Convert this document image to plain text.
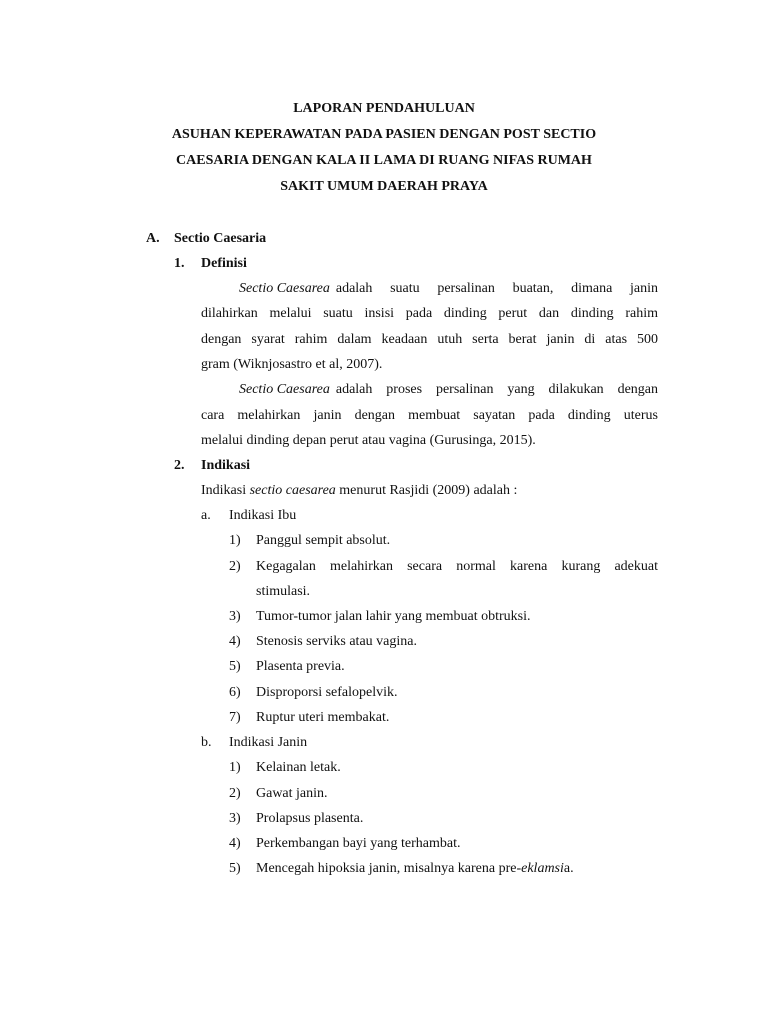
LAPORAN PENDAHULUAN
ASUHAN KEPERAWATAN PADA PASIEN DENGAN POST SECTIO
CAESARIA DENGAN KALA II LAMA DI RUANG NIFAS RUMAH
SAKIT UMUM DAERAH PRAYA
A. Sectio Caesaria
1. Definisi
Sectio Caesarea adalah suatu persalinan buatan, dimana janin
dilahirkan melalui suatu insisi pada dinding perut dan dinding rahim
dengan syarat rahim dalam keadaan utuh serta berat janin di atas 500
gram (Wiknjosastro et al, 2007).
Sectio Caesarea adalah proses persalinan yang dilakukan dengan
cara melahirkan janin dengan membuat sayatan pada dinding uterus
melalui dinding depan perut atau vagina (Gurusinga, 2015).
2. Indikasi
Indikasi sectio caesarea menurut Rasjidi (2009) adalah :
a. Indikasi Ibu
1) Panggul sempit absolut.
2) Kegagalan melahirkan secara normal karena kurang adekuat
stimulasi.
3) Tumor-tumor jalan lahir yang membuat obtruksi.
4) Stenosis serviks atau vagina.
5) Plasenta previa.
6) Disproporsi sefalopelvik.
7) Ruptur uteri membakat.
b. Indikasi Janin
1) Kelainan letak.
2) Gawat janin.
3) Prolapsus plasenta.
4) Perkembangan bayi yang terhambat.
5) Mencegah hipoksia janin, misalnya karena pre-eklamsia.
